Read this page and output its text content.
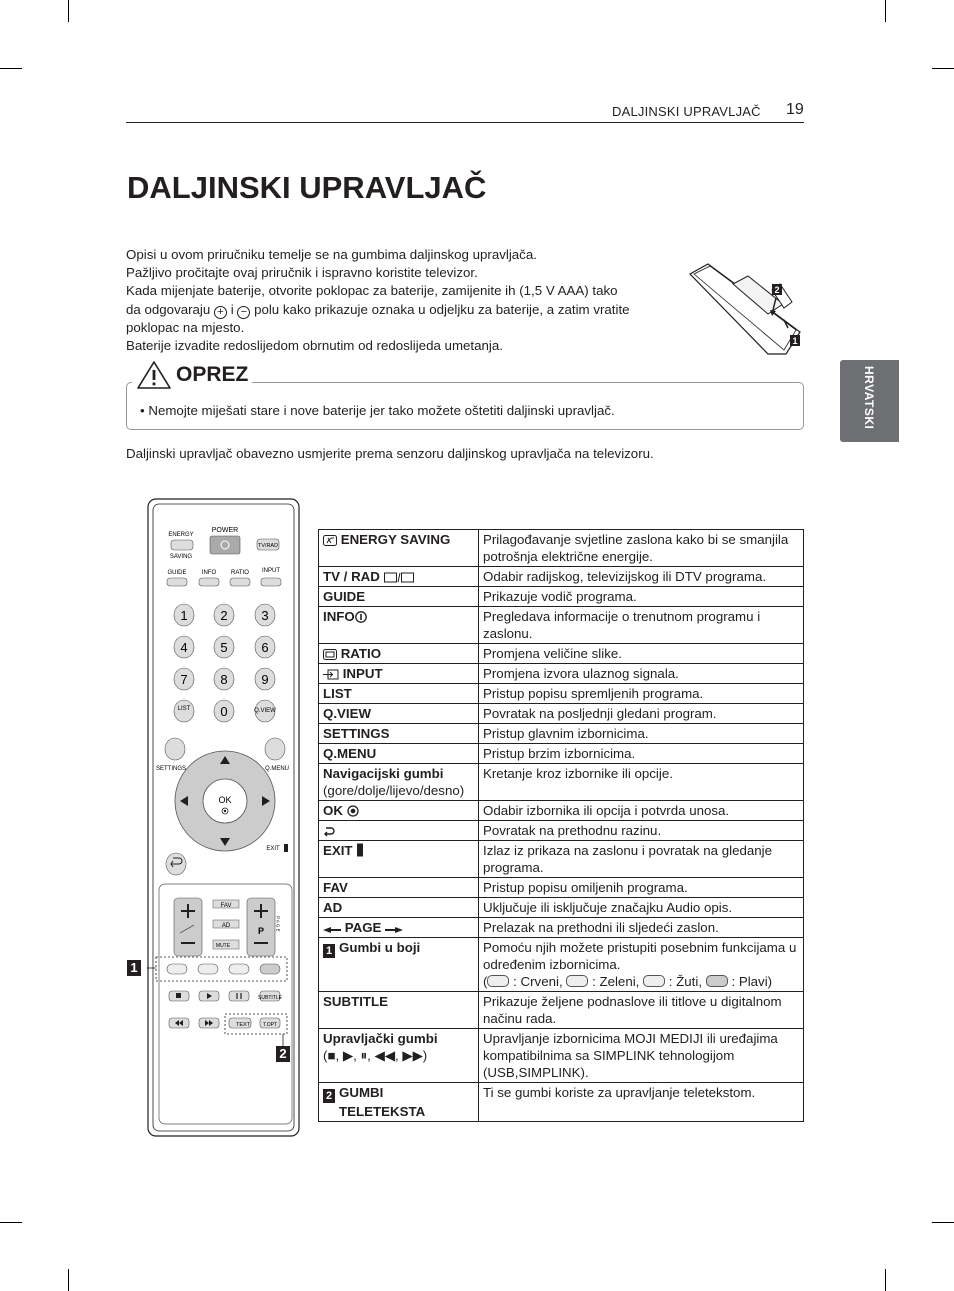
DALJINSKI UPRAVLJAČ 19
DALJINSKI UPRAVLJAČ

Opisi u ovom priručniku temelje se na gumbima daljinskog upravljača.

Pažljivo pročitajte ovaj priručnik i ispravno koristite televizor.

Kada mijenjate baterije, otvorite poklopac za baterije, zamijenite ih (1,5 V AAA) tako

da odgovaraju + i − polu kako prikazuje oznaka u odjeljku za baterije, a zatim vratite

poklopac na mjesto.

Baterije izvadite redoslijedom obrnutim od redoslijeda umetanja.

2
1
OPREZ
• Nemojte miješati stare i nove baterije jer tako možete oštetiti daljinski upravljač.
Daljinski upravljač obavezno usmjerite prema senzoru daljinskog upravljača na televizoru.
HRVATSKI
ENERGY
SAVING
POWER
TV/RAD
GUIDE	INFO RATIO INPUT
1	2	3
4	5	6
7	8	9
0
LIST	Q.VIEW
SETTINGS	Q.MENU
OK
EXIT
FAV
AD
MUTE
P	P A G E
SUBTITLE
TEXT	T.OPT
1
2
ENERGY SAVING	Prilagođavanje svjetline zaslona kako bi se smanjila potrošnja električne energije.
TV / RAD	Odabir radijskog, televizijskog ili DTV programa.
GUIDE	Prikazuje vodič programa.
INFO	Pregledava informacije o trenutnom programu i zaslonu.
RATIO	Promjena veličine slike.
INPUT	Promjena izvora ulaznog signala.
LIST	Pristup popisu spremljenih programa.
Q.VIEW	Povratak na posljednji gledani program.
SETTINGS	Pristup glavnim izbornicima.
Q.MENU	Pristup brzim izbornicima.
Navigacijski gumbi
(gore/dolje/lijevo/desno)	Kretanje kroz izbornike ili opcije.
OK	Odabir izbornika ili opcija i potvrda unosa.
	Povratak na prethodnu razinu.
EXIT	Izlaz iz prikaza na zaslonu i povratak na gledanje programa.
FAV	Pristup popisu omiljenih programa.
AD	Uključuje ili isključuje značajku Audio opis.
PAGE	Prelazak na prethodni ili sljedeći zaslon.
1 Gumbi u boji	Pomoću njih možete pristupiti posebnim funkcijama u određenim izbornicima.
( : Crveni, : Zeleni, : Žuti, : Plavi)
SUBTITLE	Prikazuje željene podnaslove ili titlove u digitalnom načinu rada.
Upravljački gumbi
(■, ▶, ⏸, ◀◀, ▶▶)	Upravljanje izbornicima MOJI MEDIJI ili uređajima kompatibilnima sa SIMPLINK tehnologijom (USB,SIMPLINK).
2 GUMBI
TELETEKSTA	Ti se gumbi koriste za upravljanje teletekstom.
